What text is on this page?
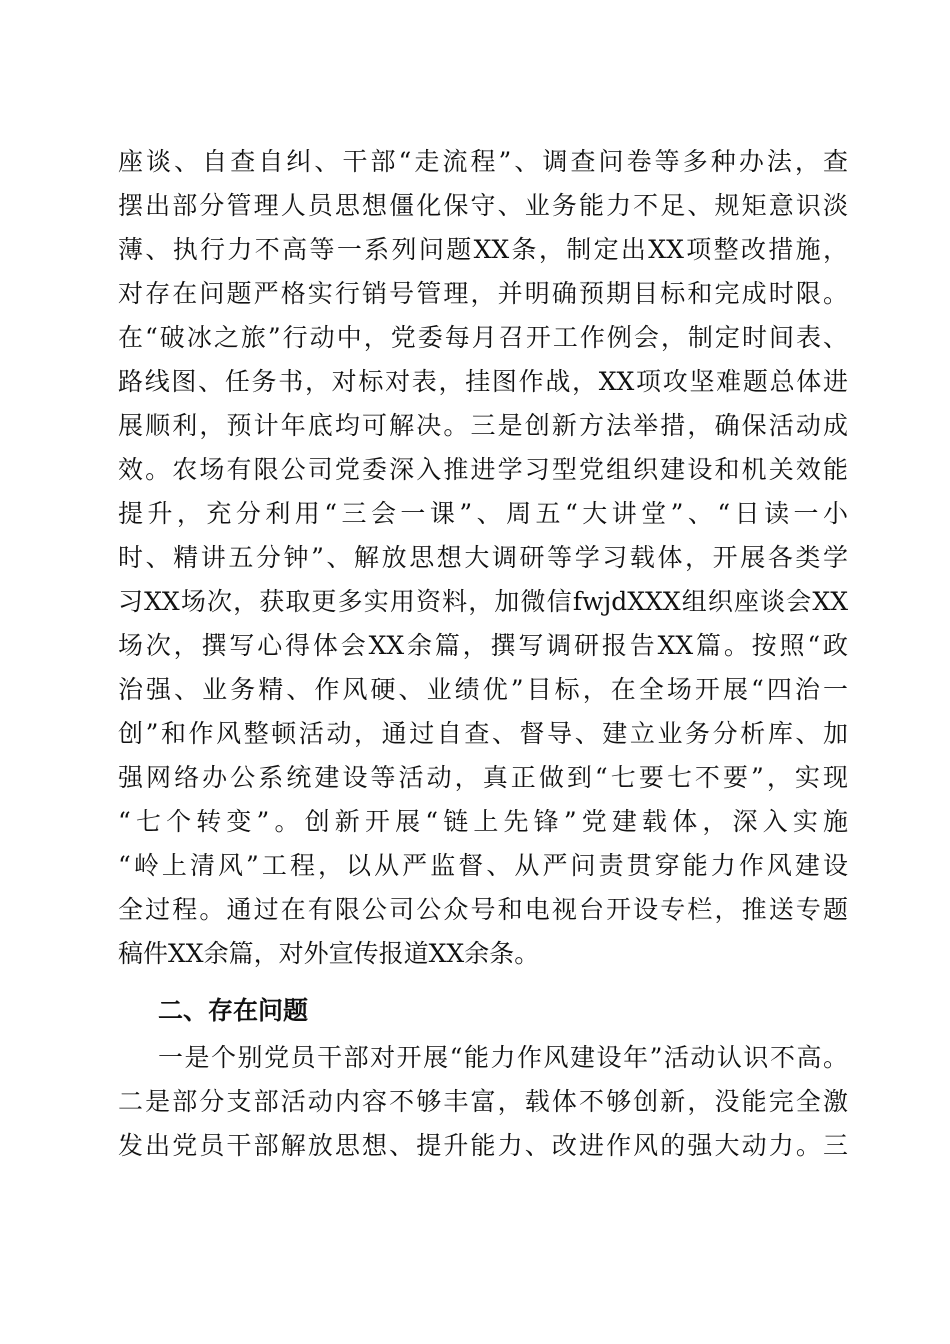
座谈、自查自纠、干部“走流程”、调查问卷等多种办法，查
摆出部分管理人员思想僵化保守、业务能力不足、规矩意识淡
薄、执行力不高等一系列问题XX条，制定出XX项整改措施，
对存在问题严格实行销号管理，并明确预期目标和完成时限。
在“破冰之旅”行动中，党委每月召开工作例会，制定时间表、
路线图、任务书，对标对表，挂图作战，XX项攻坚难题总体进
展顺利，预计年底均可解决。三是创新方法举措，确保活动成
效。农场有限公司党委深入推进学习型党组织建设和机关效能
提升，充分利用“三会一课”、周五“大讲堂”、“日读一小
时、精讲五分钟”、解放思想大调研等学习载体，开展各类学
习XX场次，获取更多实用资料，加微信fwjdXXX组织座谈会XX
场次，撰写心得体会XX余篇，撰写调研报告XX篇。按照“政
治强、业务精、作风硬、业绩优”目标，在全场开展“四治一
创”和作风整顿活动，通过自查、督导、建立业务分析库、加
强网络办公系统建设等活动，真正做到“七要七不要”，实现
“七个转变”。创新开展“链上先锋”党建载体，深入实施
“岭上清风”工程，以从严监督、从严问责贯穿能力作风建设
全过程。通过在有限公司公众号和电视台开设专栏，推送专题
稿件XX余篇，对外宣传报道XX余条。
二、存在问题
一是个别党员干部对开展“能力作风建设年”活动认识不高。
二是部分支部活动内容不够丰富，载体不够创新，没能完全激
发出党员干部解放思想、提升能力、改进作风的强大动力。三
